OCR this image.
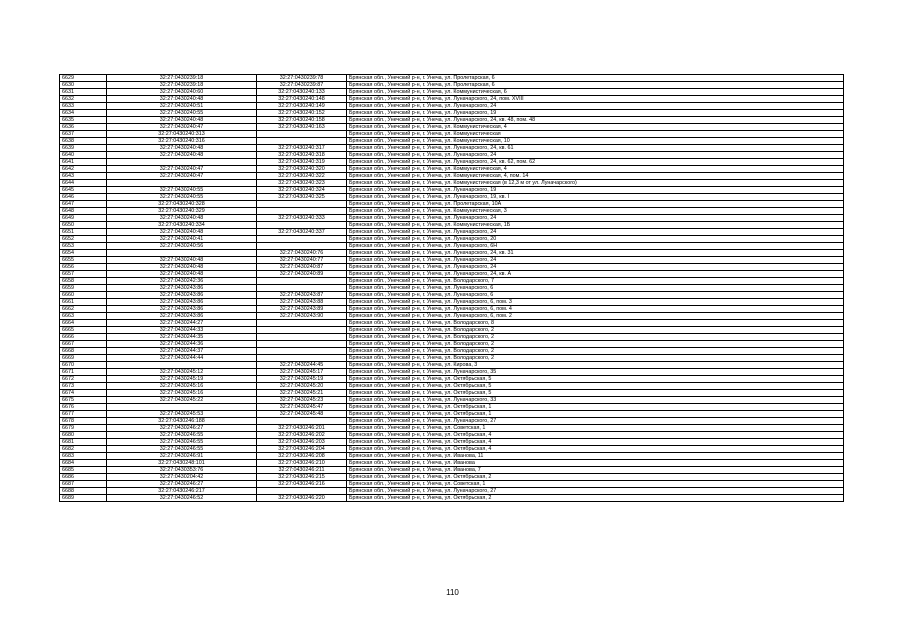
6629	32:27:0430239:18	32:27:0430239:78	Брянская обл., Унечский р-н, г. Унеча, ул. Пролетарская, 6
6630	32:27:0430239:18	32:27:0430239:87	Брянская обл., Унечский р-н, г. Унеча, ул. Пролетарская, 6
6631	32:27:0430240:60	32:27:0430240:133	Брянская обл., Унечский р-н, г. Унеча, ул. Коммунистическая, 6
6632	32:27:0430240:48	32:27:0430240:148	Брянская обл., Унечский р-н, г. Унеча, ул. Луначарского, 24, пом. XVIII
6633	32:27:0430240:51	32:27:0430240:149	Брянская обл., Унечский р-н, г. Унеча, ул. Луначарского, 24
6634	32:27:0430240:55	32:27:0430240:152	Брянская обл., Унечский р-н, г. Унеча, ул. Луначарского, 19
6635	32:27:0430240:48	32:27:0430240:158	Брянская обл., Унечский р-н, г. Унеча, ул. Луначарского, 24, кв. 48, пом. 48
6636	32:27:0430240:47	32:27:0430240:163	Брянская обл., Унечский р-н, г. Унеча, ул. Коммунистическая, 4
6637	32:27:0430240:313		Брянская обл., Унечский р-н, г. Унеча, ул. Коммунистическая
6638	32:27:0430240:316		Брянская обл., Унечский р-н, г. Унеча, ул. Коммунистическая, 10
6639	32:27:0430240:48	32:27:0430240:317	Брянская обл., Унечский р-н, г. Унеча, ул. Луначарского, 24, кв. 61
6640	32:27:0430240:48	32:27:0430240:318	Брянская обл., Унечский р-н, г. Унеча, ул. Луначарского, 24
6641		32:27:0430240:319	Брянская обл., Унечский р-н, г. Унеча, ул. Луначарского, 24, кв. 62, пом. 62
6642	32:27:0430240:47	32:27:0430240:320	Брянская обл., Унечский р-н, г. Унеча, ул. Коммунистическая, 4
6643	32:27:0430240:47	32:27:0430240:322	Брянская обл., Унечский р-н, г. Унеча, ул. Коммунистическая, 4, пом. 14
6644		32:27:0430240:323	Брянская обл., Унечский р-н, г. Унеча, ул. Коммунистическая (в 12,3 м от ул. Луначарского)
6645	32:27:0430240:55	32:27:0430240:324	Брянская обл., Унечский р-н, г. Унеча, ул. Луначарского, 19
6646	32:27:0430240:55	32:27:0430240:325	Брянская обл., Унечский р-н, г. Унеча, ул. Луначарского, 19, кв. I
6647	32:27:0430240:328		Брянская обл., Унечский р-н, г. Унеча, ул. Пролетарская, 10А
6648	32:27:0430240:329		Брянская обл., Унечский р-н, г. Унеча, ул. Коммунистическая, 3
6649	32:27:0430240:48	32:27:0430240:333	Брянская обл., Унечский р-н, г. Унеча, ул. Луначарского, 24
6650	32:27:0430240:334		Брянская обл., Унечский р-н, г. Унеча, ул. Коммунистическая, 1Б
6651	32:27:0430240:48	32:27:0430240:337	Брянская обл., Унечский р-н, г. Унеча, ул. Луначарского, 24
6652	32:27:0430240:41		Брянская обл., Унечский р-н, г. Унеча, ул. Луначарского, 20
6653	32:27:0430240:56		Брянская обл., Унечский р-н, г. Унеча, ул. Луначарского, 6Н
6654		32:27:0430240:76	Брянская обл., Унечский р-н, г. Унеча, ул. Луначарского, 24, кв. 31
6655	32:27:0430240:48	32:27:0430240:77	Брянская обл., Унечский р-н, г. Унеча, ул. Луначарского, 24
6656	32:27:0430240:48	32:27:0430240:87	Брянская обл., Унечский р-н, г. Унеча, ул. Луначарского, 24
6657	32:27:0430240:48	32:27:0430240:89	Брянская обл., Унечский р-н, г. Унеча, ул. Луначарского, 24, кв. А
6658	32:27:0430242:36		Брянская обл., Унечский р-н, г. Унеча, ул. Володарского, 7
6659	32:27:0430243:86		Брянская обл., Унечский р-н, г. Унеча, ул. Луначарского, 6
6660	32:27:0430243:86	32:27:0430243:87	Брянская обл., Унечский р-н, г. Унеча, ул. Луначарского, 6
6661	32:27:0430243:86	32:27:0430243:88	Брянская обл., Унечский р-н, г. Унеча, ул. Луначарского, 6, пом. 3
6662	32:27:0430243:86	32:27:0430243:89	Брянская обл., Унечский р-н, г. Унеча, ул. Луначарского, 6, пом. 4
6663	32:27:0430243:86	32:27:0430243:90	Брянская обл., Унечский р-н, г. Унеча, ул. Луначарского, 6, пом. 2
6664	32:27:0430244:27		Брянская обл., Унечский р-н, г. Унеча, ул. Володарского, 8
6665	32:27:0430244:33		Брянская обл., Унечский р-н, г. Унеча, ул. Володарского, 2
6666	32:27:0430244:35		Брянская обл., Унечский р-н, г. Унеча, ул. Володарского, 2
6667	32:27:0430244:36		Брянская обл., Унечский р-н, г. Унеча, ул. Володарского, 2
6668	32:27:0430244:37		Брянская обл., Унечский р-н, г. Унеча, ул. Володарского, 2
6669	32:27:0430244:44		Брянская обл., Унечский р-н, г. Унеча, ул. Володарского, 2
6670		32:27:0430244:45	Брянская обл., Унечский р-н, г. Унеча, ул. Кирова, 3
6671	32:27:0430245:12	32:27:0430245:17	Брянская обл., Унечский р-н, г. Унеча, ул. Луначарского, 35
6672	32:27:0430245:19	32:27:0430245:19	Брянская обл., Унечский р-н, г. Унеча, ул. Октябрьская, 5
6673	32:27:0430245:16	32:27:0430245:20	Брянская обл., Унечский р-н, г. Унеча, ул. Октябрьская, 5
6674	32:27:0430245:16	32:27:0430245:21	Брянская обл., Унечский р-н, г. Унеча, ул. Октябрьская, 5
6675	32:27:0430245:22	32:27:0430245:23	Брянская обл., Унечский р-н, г. Унеча, ул. Луначарского, 33
6676		32:27:0430245:47	Брянская обл., Унечский р-н, г. Унеча, ул. Октябрьская, 1
6677	32:27:0430245:53	32:27:0430245:48	Брянская обл., Унечский р-н, г. Унеча, ул. Октябрьская, 1
6678	32:27:0430246:188		Брянская обл., Унечский р-н, г. Унеча, ул. Луначарского, 27
6679	32:27:0430246:27	32:27:0430246:201	Брянская обл., Унечский р-н, г. Унеча, ул. Советская, 1
6680	32:27:0430246:55	32:27:0430246:202	Брянская обл., Унечский р-н, г. Унеча, ул. Октябрьская, 4
6681	32:27:0430246:55	32:27:0430246:203	Брянская обл., Унечский р-н, г. Унеча, ул. Октябрьская, 4
6682	32:27:0430246:55	32:27:0430246:204	Брянская обл., Унечский р-н, г. Унеча, ул. Октябрьская, 4
6683	32:27:0430246:91	32:27:0430246:208	Брянская обл., Унечский р-н, г. Унеча, ул. Иванова, 11
6684	32:27:0430248:101	32:27:0430246:210	Брянская обл., Унечский р-н, г. Унеча, ул. Иванова
6685	32:27:0430353:76	32:27:0430246:211	Брянская обл., Унечский р-н, г. Унеча, ул. Иванова, 7
6686	32:27:0430204:42	32:27:0430246:215	Брянская обл., Унечский р-н, г. Унеча, ул. Октябрьская, 2
6687	32:27:0430246:27	32:27:0430246:216	Брянская обл., Унечский р-н, г. Унеча, ул. Советская, 1
6688	32:27:0430246:217		Брянская обл., Унечский р-н, г. Унеча, ул. Луначарского, 27
6689	32:27:0430246:52	32:27:0430246:220	Брянская обл., Унечский р-н, г. Унеча, ул. Октябрьская, 2
110
